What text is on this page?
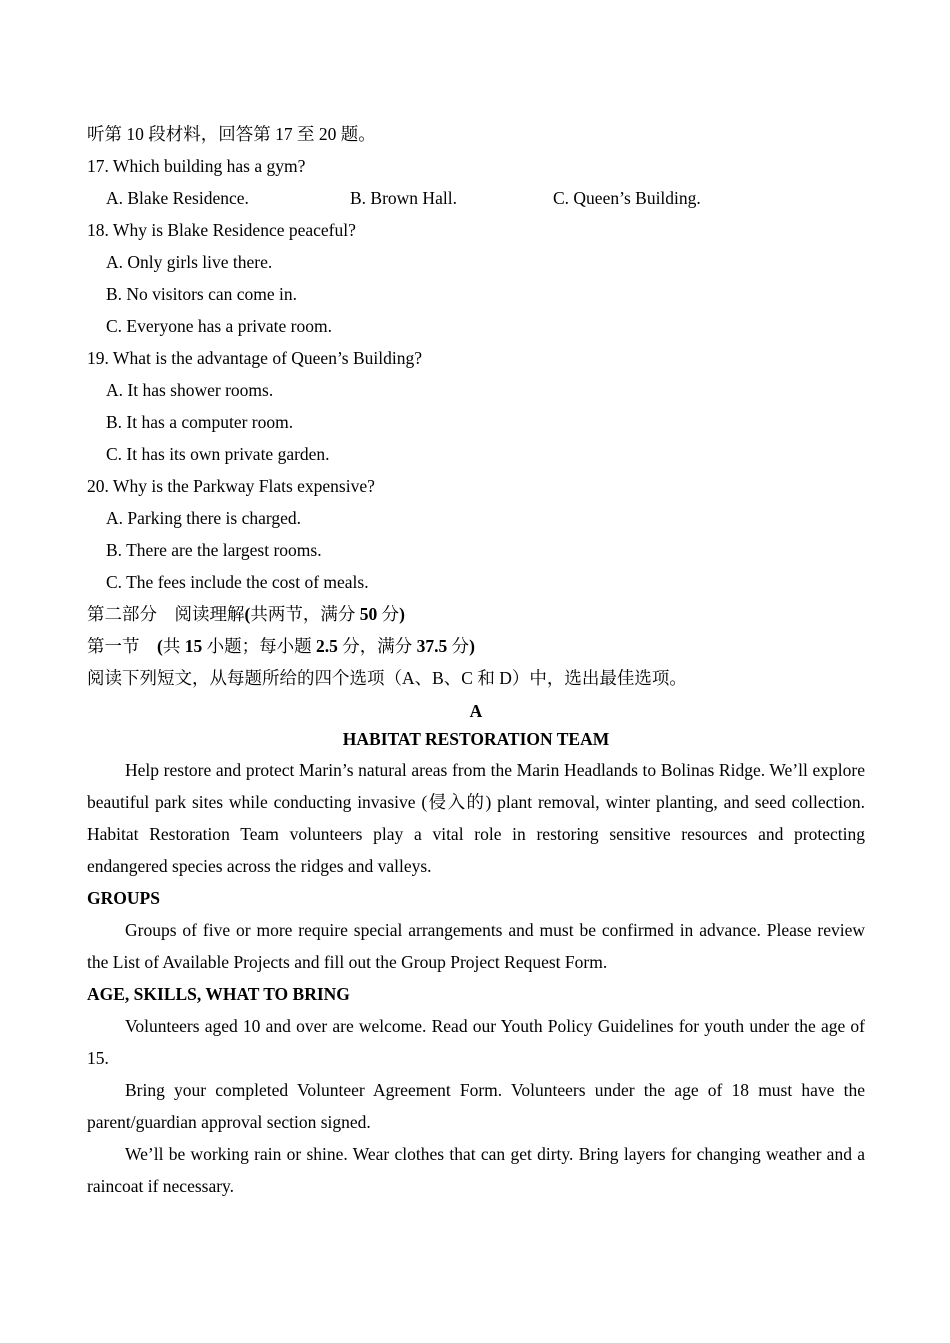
听第 10 段材料，回答第 17 至 20 题。
17. Which building has a gym?
A. Blake Residence.	B. Brown Hall.	C. Queen’s Building.
18. Why is Blake Residence peaceful?
A. Only girls live there.
B. No visitors can come in.
C. Everyone has a private room.
19. What is the advantage of Queen’s Building?
A. It has shower rooms.
B. It has a computer room.
C. It has its own private garden.
20. Why is the Parkway Flats expensive?
A. Parking there is charged.
B. There are the largest rooms.
C. The fees include the cost of meals.
第二部分　阅读理解(共两节，满分 50 分)
第一节　(共 15 小题；每小题 2.5 分，满分 37.5 分)
阅读下列短文，从每题所给的四个选项（A、B、C 和 D）中，选出最佳选项。
A
HABITAT RESTORATION TEAM

Help restore and protect Marin’s natural areas from the Marin Headlands to Bolinas Ridge. We’ll explore beautiful park sites while conducting invasive (侵入的) plant removal, winter planting, and seed collection. Habitat Restoration Team volunteers play a vital role in restoring sensitive resources and protecting endangered species across the ridges and valleys.

GROUPS

Groups of five or more require special arrangements and must be confirmed in advance. Please review the List of Available Projects and fill out the Group Project Request Form.

AGE, SKILLS, WHAT TO BRING

Volunteers aged 10 and over are welcome. Read our Youth Policy Guidelines for youth under the age of 15.

Bring your completed Volunteer Agreement Form. Volunteers under the age of 18 must have the parent/guardian approval section signed.

We’ll be working rain or shine. Wear clothes that can get dirty. Bring layers for changing weather and a raincoat if necessary.
